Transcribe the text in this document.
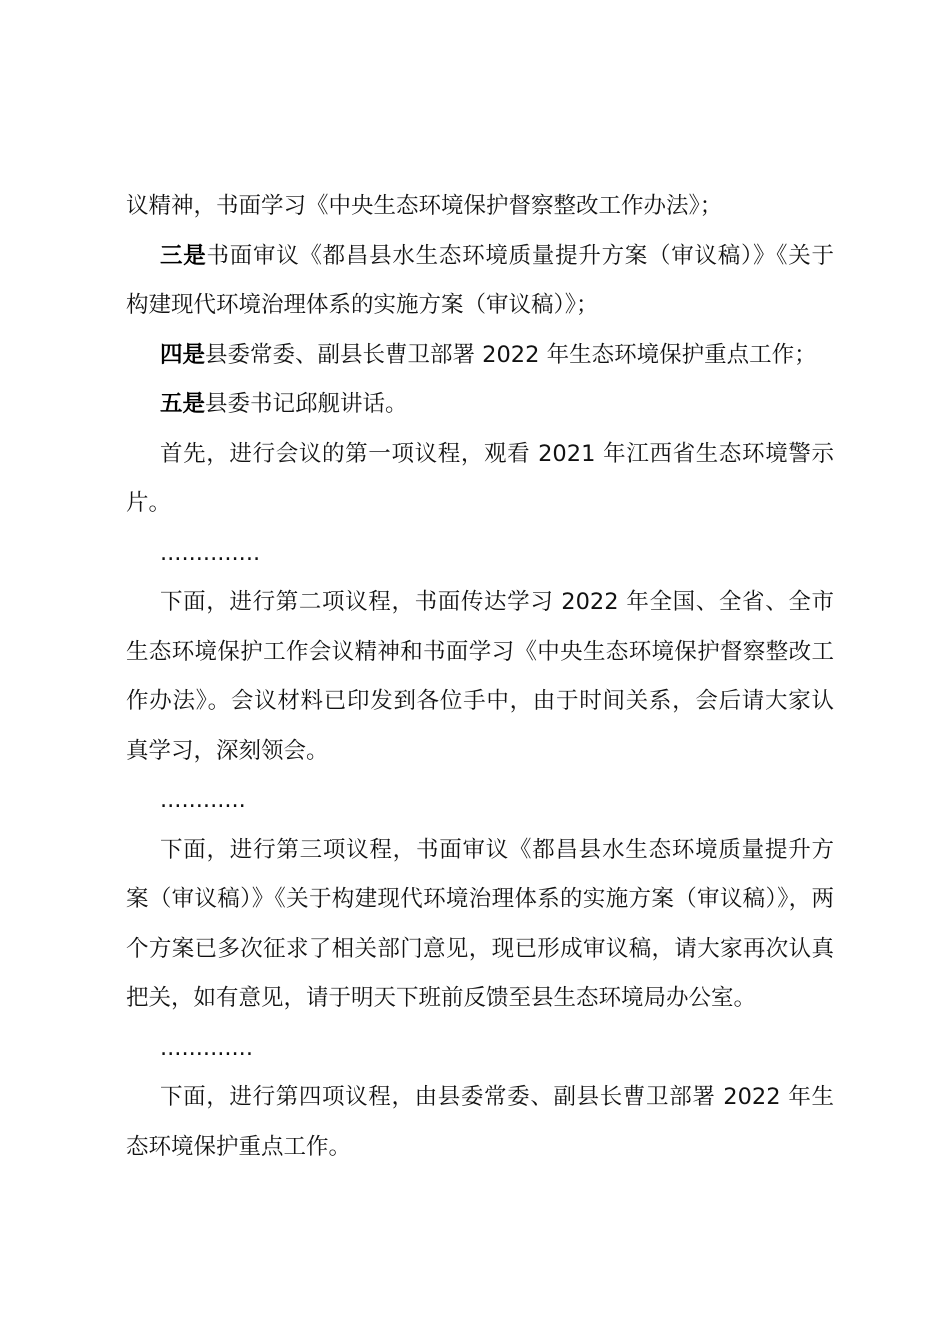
议精神，书面学习《中央生态环境保护督察整改工作办法》；

三是书面审议《都昌县水生态环境质量提升方案（审议稿）》《关于构建现代环境治理体系的实施方案（审议稿）》；

四是县委常委、副县长曹卫部署 2022 年生态环境保护重点工作；

五是县委书记邱舰讲话。

首先，进行会议的第一项议程，观看 2021 年江西省生态环境警示片。

..............

下面，进行第二项议程，书面传达学习 2022 年全国、全省、全市生态环境保护工作会议精神和书面学习《中央生态环境保护督察整改工作办法》。会议材料已印发到各位手中，由于时间关系，会后请大家认真学习，深刻领会。

............

下面，进行第三项议程，书面审议《都昌县水生态环境质量提升方案（审议稿）》《关于构建现代环境治理体系的实施方案（审议稿）》，两个方案已多次征求了相关部门意见，现已形成审议稿，请大家再次认真把关，如有意见，请于明天下班前反馈至县生态环境局办公室。

.............

下面，进行第四项议程，由县委常委、副县长曹卫部署 2022 年生态环境保护重点工作。
